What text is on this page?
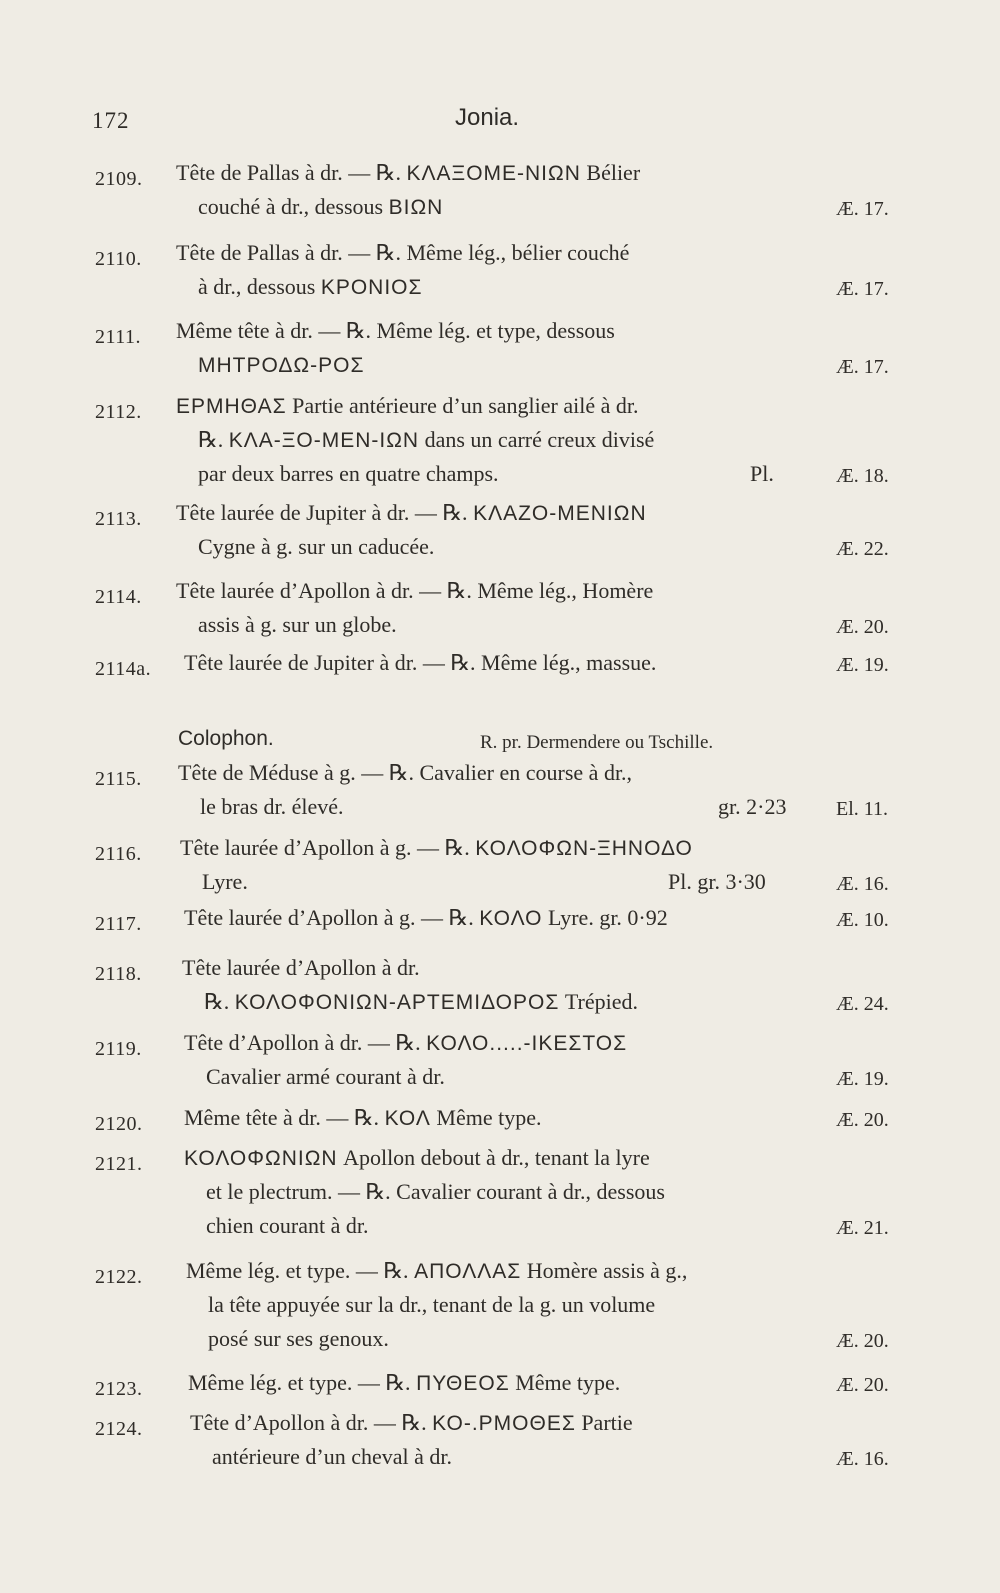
172	Jonia.
Colophon.	R. pr. Dermendere ou Tschille.
2109. Tête de Pallas à dr. — ℞. ΚΛΑΞΟΜΕ-ΝΙΩΝ Bélier
couché à dr., dessous ΒΙΩΝ	Æ. 17.
2110. Tête de Pallas à dr. — ℞. Même lég., bélier couché
à dr., dessous ΚΡΟΝΙΟΣ	Æ. 17.
2111. Même tête à dr. — ℞. Même lég. et type, dessous
ΜΗΤΡΟΔΩ-ΡΟΣ	Æ. 17.
2112. ΕΡΜΗΘΑΣ Partie antérieure d’un sanglier ailé à dr.
℞. ΚΛΑ-ΞΟ-ΜΕΝ-ΙΩΝ dans un carré creux divisé
par deux barres en quatre champs.	Pl.	Æ. 18.
2113. Tête laurée de Jupiter à dr. — ℞. ΚΛΑΖΟ-ΜΕΝΙΩΝ
Cygne à g. sur un caducée.	Æ. 22.
2114. Tête laurée d’Apollon à dr. — ℞. Même lég., Homère
assis à g. sur un globe.	Æ. 20.
2114a. Tête laurée de Jupiter à dr. — ℞. Même lég., massue.	Æ. 19.
2115. Tête de Méduse à g. — ℞. Cavalier en course à dr.,
le bras dr. élevé.	gr. 2·23 El. 11.
2116. Tête laurée d’Apollon à g. — ℞. ΚΟΛΟΦΩΝ-ΞΗΝΟΔΟ
Lyre.	Pl. gr. 3·30	Æ. 16.
2117. Tête laurée d’Apollon à g. — ℞. ΚΟΛΟ Lyre. gr. 0·92	Æ. 10.
2118. Tête laurée d’Apollon à dr.
℞. ΚΟΛΟΦΟΝΙΩΝ-ΑΡΤΕΜΙΔΟΡΟΣ Trépied.	Æ. 24.
2119. Tête d’Apollon à dr. — ℞. ΚΟΛΟ.....-ΙΚΕΣΤΟΣ
Cavalier armé courant à dr.	Æ. 19.
2120. Même tête à dr. — ℞. ΚΟΛ Même type.	Æ. 20.
2121. ΚΟΛΟΦΩΝΙΩΝ Apollon debout à dr., tenant la lyre
et le plectrum. — ℞. Cavalier courant à dr., dessous
chien courant à dr.	Æ. 21.
2122. Même lég. et type. — ℞. ΑΠΟΛΛΑΣ Homère assis à g.,
la tête appuyée sur la dr., tenant de la g. un volume
posé sur ses genoux.	Æ. 20.
2123. Même lég. et type. — ℞. ΠΥΘΕΟΣ Même type.	Æ. 20.
2124. Tête d’Apollon à dr. — ℞. ΚΟ-.ΡΜΟΘΕΣ Partie
antérieure d’un cheval à dr.	Æ. 16.
